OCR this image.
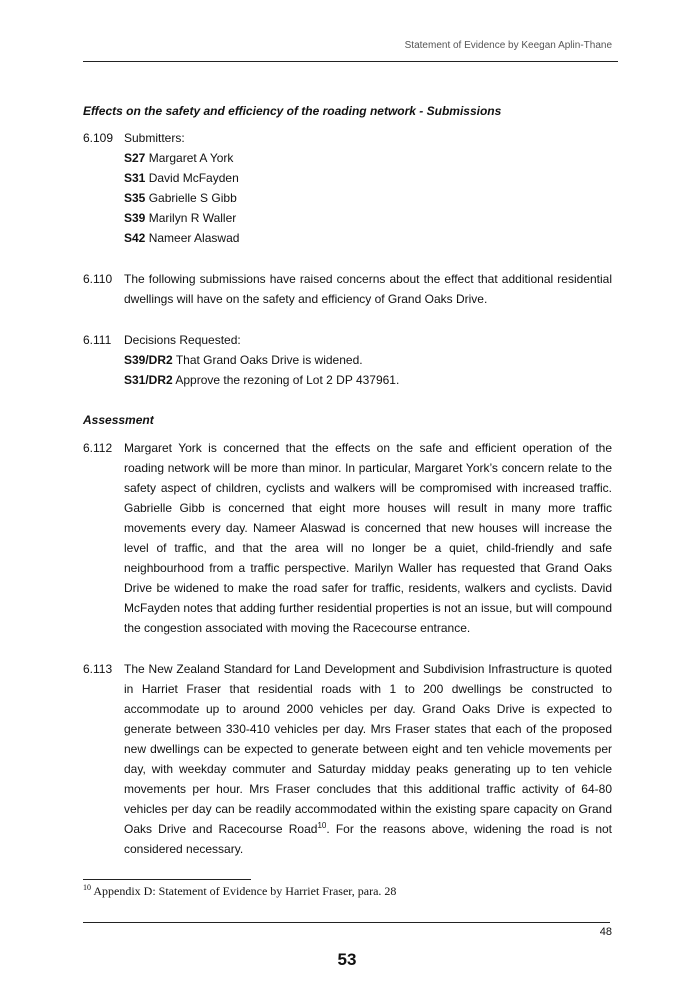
Statement of Evidence by Keegan Aplin-Thane
Effects on the safety and efficiency of the roading network - Submissions
6.109 Submitters:
S27 Margaret A York
S31 David McFayden
S35 Gabrielle S Gibb
S39 Marilyn R Waller
S42 Nameer Alaswad
6.110 The following submissions have raised concerns about the effect that additional residential dwellings will have on the safety and efficiency of Grand Oaks Drive.
6.111 Decisions Requested:
S39/DR2 That Grand Oaks Drive is widened.
S31/DR2 Approve the rezoning of Lot 2 DP 437961.
Assessment
6.112 Margaret York is concerned that the effects on the safe and efficient operation of the roading network will be more than minor. In particular, Margaret York’s concern relate to the safety aspect of children, cyclists and walkers will be compromised with increased traffic. Gabrielle Gibb is concerned that eight more houses will result in many more traffic movements every day. Nameer Alaswad is concerned that new houses will increase the level of traffic, and that the area will no longer be a quiet, child-friendly and safe neighbourhood from a traffic perspective. Marilyn Waller has requested that Grand Oaks Drive be widened to make the road safer for traffic, residents, walkers and cyclists. David McFayden notes that adding further residential properties is not an issue, but will compound the congestion associated with moving the Racecourse entrance.
6.113 The New Zealand Standard for Land Development and Subdivision Infrastructure is quoted in Harriet Fraser that residential roads with 1 to 200 dwellings be constructed to accommodate up to around 2000 vehicles per day. Grand Oaks Drive is expected to generate between 330-410 vehicles per day. Mrs Fraser states that each of the proposed new dwellings can be expected to generate between eight and ten vehicle movements per day, with weekday commuter and Saturday midday peaks generating up to ten vehicle movements per hour. Mrs Fraser concludes that this additional traffic activity of 64-80 vehicles per day can be readily accommodated within the existing spare capacity on Grand Oaks Drive and Racecourse Road$^{10}$. For the reasons above, widening the road is not considered necessary.
$^{10}$ Appendix D: Statement of Evidence by Harriet Fraser, para. 28
48
53
